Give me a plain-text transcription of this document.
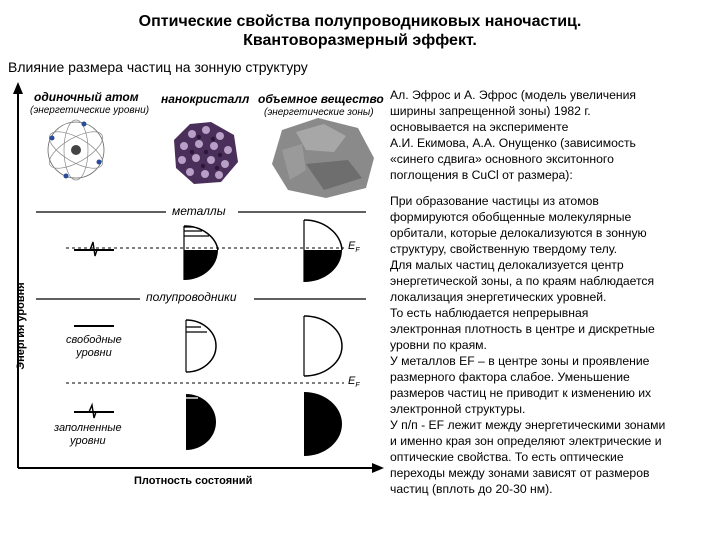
Оптические свойства полупроводниковых наночастиц.
Квантоворазмерный эффект.
Влияние размера частиц на зонную структуру
одиночный атом
(энергетические уровни)
нанокристалл объемное вещество
(энергетические зоны)
металлы
полупроводники
$E_F$
$E_F$
свободные
уровни
заполненные
уровни
Энергия уровня
Плотность состояний

Ал. Эфрос и А. Эфрос (модель увеличения
ширины запрещенной зоны) 1982 г.
основывается на эксперименте
А.И. Екимова, А.А. Онущенко (зависимость
«синего сдвига» основного экситонного
поглощения в CuCl от размера):

При образование частицы из атомов
формируются обобщенные молекулярные
орбитали, которые делокализуются в зонную
структуру, свойственную твердому телу.
Для малых частиц делокализуется центр
энергетической зоны, а по краям наблюдается
локализация энергетических уровней.
То есть наблюдается непрерывная
электронная плотность в центре и дискретные
уровни по краям.
У металлов EF – в центре зоны и проявление
размерного фактора слабое. Уменьшение
размеров частиц не приводит к изменению их
электронной структуры.
У п/п - EF лежит между энергетическими зонами
и именно края зон определяют электрические и
оптические свойства. То есть оптические
переходы между зонами зависят от размеров
частиц (вплоть до 20-30 нм).
